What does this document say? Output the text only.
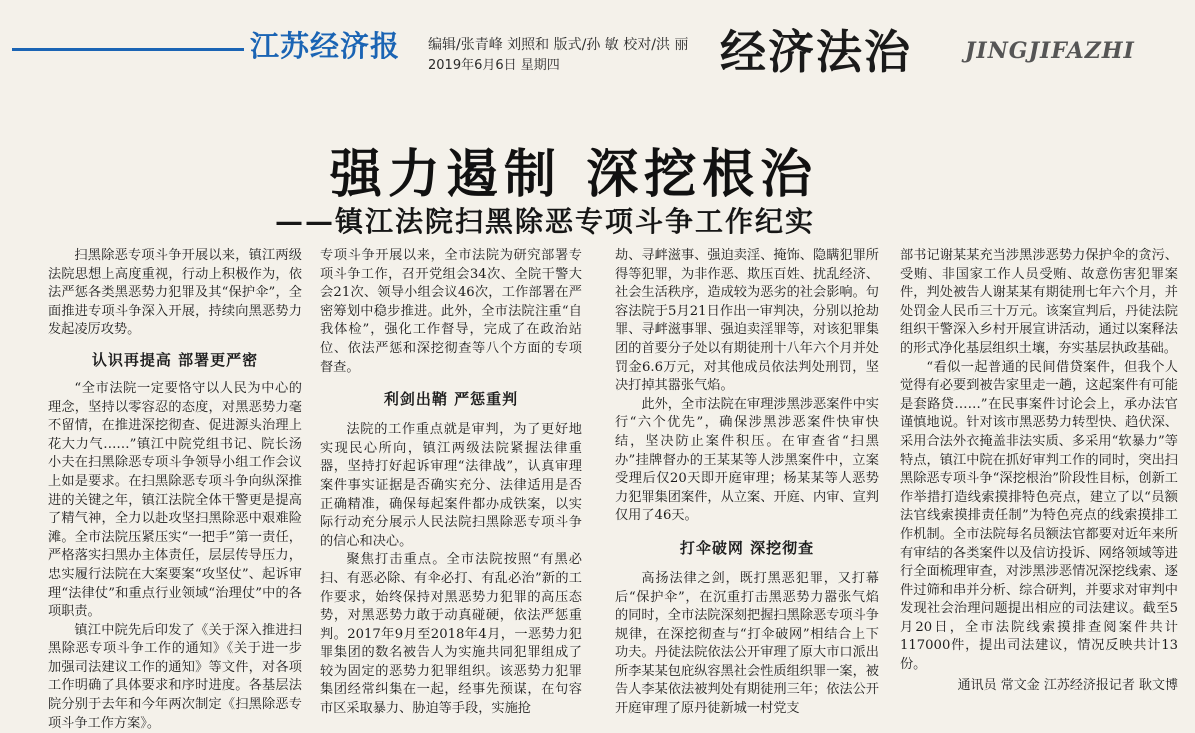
江苏经济报 编辑/张青峰 刘照和 版式/孙 敏 校对/洪 丽
2019年6月6日 星期四	经济法治 JINGJIFAZHI
强力遏制 深挖根治
——镇江法院扫黑除恶专项斗争工作纪实

扫黑除恶专项斗争开展以来，镇江两级法院思想上高度重视，行动上积极作为，依法严惩各类黑恶势力犯罪及其“保护伞”，全面推进专项斗争深入开展，持续向黑恶势力发起凌厉攻势。

认识再提高 部署更严密

“全市法院一定要恪守以人民为中心的理念，坚持以零容忍的态度，对黑恶势力毫不留情，在推进深挖彻查、促进源头治理上花大力气……”镇江中院党组书记、院长汤小夫在扫黑除恶专项斗争领导小组工作会议上如是要求。在扫黑除恶专项斗争向纵深推进的关键之年，镇江法院全体干警更是提高了精气神，全力以赴攻坚扫黑除恶中艰难险滩。全市法院压紧压实“一把手”第一责任，严格落实扫黑办主体责任，层层传导压力，忠实履行法院在大案要案“攻坚仗”、起诉审理“法律仗”和重点行业领域“治理仗”中的各项职责。

镇江中院先后印发了《关于深入推进扫黑除恶专项斗争工作的通知》《关于进一步加强司法建议工作的通知》等文件，对各项工作明确了具体要求和序时进度。各基层法院分别于去年和今年两次制定《扫黑除恶专项斗争工作方案》。

专项斗争开展以来，全市法院为研究部署专项斗争工作，召开党组会34次、全院干警大会21次、领导小组会议46次，工作部署在严密筹划中稳步推进。此外，全市法院注重“自我体检”，强化工作督导，完成了在政治站位、依法严惩和深挖彻查等八个方面的专项督查。

利剑出鞘 严惩重判

法院的工作重点就是审判，为了更好地实现民心所向，镇江两级法院紧握法律重器，坚持打好起诉审理“法律战”，认真审理案件事实证据是否确实充分、法律适用是否正确精准，确保每起案件都办成铁案，以实际行动充分展示人民法院扫黑除恶专项斗争的信心和决心。

聚焦打击重点。全市法院按照“有黑必扫、有恶必除、有伞必打、有乱必治”新的工作要求，始终保持对黑恶势力犯罪的高压态势，对黑恶势力敢于动真碰硬，依法严惩重判。2017年9月至2018年4月，一恶势力犯罪集团的数名被告人为实施共同犯罪组成了较为固定的恶势力犯罪组织。该恶势力犯罪集团经常纠集在一起，经事先预谋，在句容市区采取暴力、胁迫等手段，实施抢

劫、寻衅滋事、强迫卖淫、掩饰、隐瞒犯罪所得等犯罪，为非作恶、欺压百姓、扰乱经济、社会生活秩序，造成较为恶劣的社会影响。句容法院于5月21日作出一审判决，分别以抢劫罪、寻衅滋事罪、强迫卖淫罪等，对该犯罪集团的首要分子处以有期徒刑十八年六个月并处罚金6.6万元，对其他成员依法判处刑罚，坚决打掉其嚣张气焰。

此外，全市法院在审理涉黑涉恶案件中实行“六个优先”，确保涉黑涉恶案件快审快结，坚决防止案件积压。在审查省“扫黑办”挂牌督办的王某某等人涉黑案件中，立案受理后仅20天即开庭审理；杨某某等人恶势力犯罪集团案件，从立案、开庭、内审、宣判仅用了46天。

打伞破网 深挖彻查

高扬法律之剑，既打黑恶犯罪，又打幕后“保护伞”，在沉重打击黑恶势力嚣张气焰的同时，全市法院深刻把握扫黑除恶专项斗争规律，在深挖彻查与“打伞破网”相结合上下功夫。丹徒法院依法公开审理了原大市口派出所李某某包庇纵容黑社会性质组织罪一案，被告人李某依法被判处有期徒刑三年；依法公开开庭审理了原丹徒新城一村党支

部书记谢某某充当涉黑涉恶势力保护伞的贪污、受贿、非国家工作人员受贿、故意伤害犯罪案件，判处被告人谢某某有期徒刑七年六个月，并处罚金人民币三十万元。该案宣判后，丹徒法院组织干警深入乡村开展宣讲活动，通过以案释法的形式净化基层组织土壤，夯实基层执政基础。

“看似一起普通的民间借贷案件，但我个人觉得有必要到被告家里走一趟，这起案件有可能是套路贷……”在民事案件讨论会上，承办法官谨慎地说。针对该市黑恶势力转型快、趋伏深、采用合法外衣掩盖非法实质、多采用“软暴力”等特点，镇江中院在抓好审判工作的同时，突出扫黑除恶专项斗争“深挖根治”阶段性目标，创新工作举措打造线索摸排特色亮点，建立了以“员额法官线索摸排责任制”为特色亮点的线索摸排工作机制。全市法院每名员额法官都要对近年来所有审结的各类案件以及信访投诉、网络领域等进行全面梳理审查，对涉黑涉恶情况深挖线索、逐件过筛和串并分析、综合研判，并要求对审判中发现社会治理问题提出相应的司法建议。截至5月20日，全市法院线索摸排查阅案件共计117000件，提出司法建议，情况反映共计13份。

通讯员 常文金 江苏经济报记者 耿文博
